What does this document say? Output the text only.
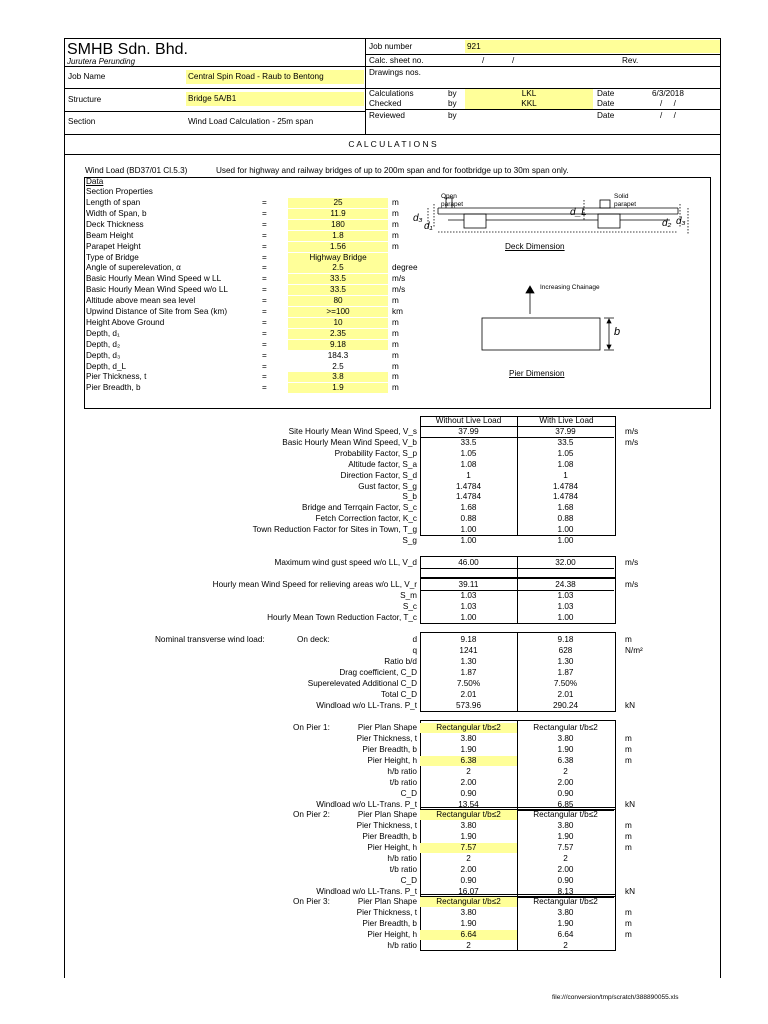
SMHB Sdn. Bhd.
Jurutera Perunding
Job Name	Central Spin Road - Raub to Bentong
Structure	Bridge 5A/B1
Section	Wind Load Calculation - 25m span
Job number	921
Calc. sheet no.	/	/	Rev.
Drawings nos.
Calculations	by	LKL	Date	6/3/2018
Checked	by	KKL	Date	/     /
Reviewed	by	Date	/     /
C A L C U L A T I O N S
Wind Load (BD37/01 Cl.5.3)	Used for highway and railway bridges of up to 200m span and for footbridge up to 30m span only.
Data
Section Properties
Length of span	=	25	m
Width of Span, b	=	11.9	m
Deck Thickness	=	180	m
Beam Height	=	1.8	m
Parapet Height	=	1.56	m
Type of Bridge	=	Highway Bridge
Angle of superelevation, α	=	2.5	degree
Basic Hourly Mean Wind Speed w LL	=	33.5	m/s
Basic Hourly Mean Wind Speed w/o LL	=	33.5	m/s
Altitude above mean sea level	=	80	m
Upwind Distance of Site from Sea (km)	=	>=100	km
Height Above Ground	=	10	m
Depth, d₁	=	2.35	m
Depth, d₂	=	9.18	m
Depth, d₃	=	184.3	m
Depth, d_L	=	2.5	m
Pier Thickness, t	=	3.8	m
Pier Breadth, b	=	1.9	m
Open
parapet
Solid
parapet
d₁
d₃
d_L
d₂ d₃
Deck Dimension
Increasing Chainage
b
Pier Dimension
Without Live Load	With Live Load
Site Hourly Mean Wind Speed, V_s	37.99	37.99	m/s
Basic Hourly Mean Wind Speed, V_b	33.5	33.5	m/s
Probability Factor, S_p	1.05	1.05
Altitude factor, S_a	1.08	1.08
Direction Factor, S_d	1	1
Gust factor, S_g	1.4784	1.4784
S_b	1.4784	1.4784
Bridge and Terrqain Factor, S_c	1.68	1.68
Fetch Correction factor, K_c	0.88	0.88
Town Reduction Factor for Sites in Town, T_g	1.00	1.00
S_g	1.00	1.00
Maximum wind gust speed w/o LL, V_d	46.00	32.00	m/s
Hourly mean Wind Speed for relieving areas w/o LL, V_r	39.11	24.38	m/s
S_m	1.03	1.03
S_c	1.03	1.03
Hourly Mean Town Reduction Factor, T_c	1.00	1.00
Nominal transverse wind load:	On deck:	d	9.18	9.18	m
q	1241	628	N/m²
Ratio b/d	1.30	1.30
Drag coefficient, C_D	1.87	1.87
Superelevated Additional C_D	7.50%	7.50%
Total C_D	2.01	2.01
Windload w/o LL-Trans. P_t	573.96	290.24	kN
On Pier 1:	Pier Plan Shape	Rectangular t/b≤2	Rectangular t/b≤2
Pier Thickness, t	3.80	3.80	m
Pier Breadth, b	1.90	1.90	m
Pier Height, h	6.38	6.38	m
h/b ratio	2	2
t/b ratio	2.00	2.00
C_D	0.90	0.90
Windload w/o LL-Trans. P_t	13.54	6.85	kN
On Pier 2:	Pier Plan Shape	Rectangular t/b≤2	Rectangular t/b≤2
Pier Thickness, t	3.80	3.80	m
Pier Breadth, b	1.90	1.90	m
Pier Height, h	7.57	7.57	m
h/b ratio	2	2
t/b ratio	2.00	2.00
C_D	0.90	0.90
Windload w/o LL-Trans. P_t	16.07	8.13	kN
On Pier 3:	Pier Plan Shape	Rectangular t/b≤2	Rectangular t/b≤2
Pier Thickness, t	3.80	3.80	m
Pier Breadth, b	1.90	1.90	m
Pier Height, h	6.64	6.64	m
h/b ratio	2	2
file:///conversion/tmp/scratch/388890055.xls
